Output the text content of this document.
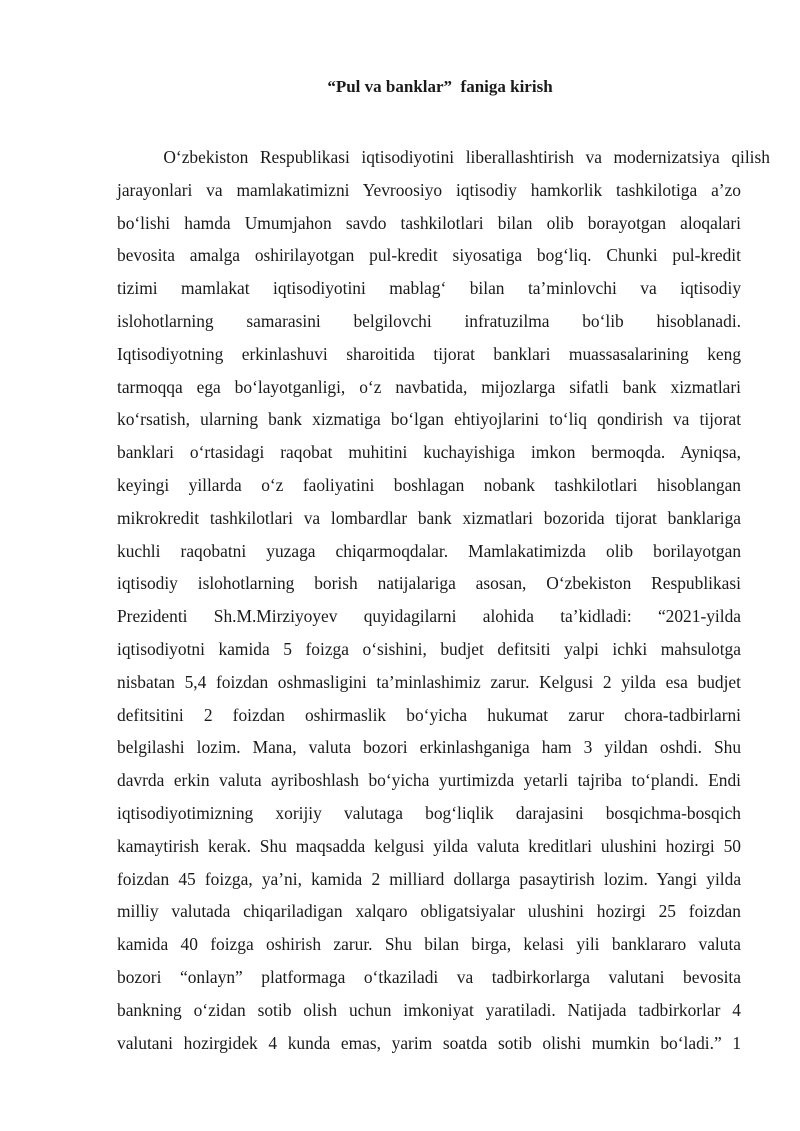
“Pul va banklar”  faniga kirish
O‘zbekiston Respublikasi iqtisodiyotini liberallashtirish va modernizatsiya qilish
jarayonlari va mamlakatimizni Yevroosiyo iqtisodiy hamkorlik tashkilotiga a’zo
bo‘lishi hamda Umumjahon savdo tashkilotlari bilan olib borayotgan aloqalari
bevosita amalga oshirilayotgan pul-kredit siyosatiga bog‘liq. Chunki pul-kredit
tizimi mamlakat iqtisodiyotini mablag‘ bilan ta’minlovchi va iqtisodiy
islohotlarning samarasini belgilovchi infratuzilma bo‘lib hisoblanadi.
Iqtisodiyotning erkinlashuvi sharoitida tijorat banklari muassasalarining keng
tarmoqqa ega bo‘layotganligi, o‘z navbatida, mijozlarga sifatli bank xizmatlari
ko‘rsatish, ularning bank xizmatiga bo‘lgan ehtiyojlarini to‘liq qondirish va tijorat
banklari o‘rtasidagi raqobat muhitini kuchayishiga imkon bermoqda. Ayniqsa,
keyingi yillarda o‘z faoliyatini boshlagan nobank tashkilotlari hisoblangan
mikrokredit tashkilotlari va lombardlar bank xizmatlari bozorida tijorat banklariga
kuchli raqobatni yuzaga chiqarmoqdalar. Mamlakatimizda olib borilayotgan
iqtisodiy islohotlarning borish natijalariga asosan, O‘zbekiston Respublikasi
Prezidenti Sh.M.Mirziyoyev quyidagilarni alohida ta’kidladi: “2021-yilda
iqtisodiyotni kamida 5 foizga o‘sishini, budjet defitsiti yalpi ichki mahsulotga
nisbatan 5,4 foizdan oshmasligini ta’minlashimiz zarur. Kelgusi 2 yilda esa budjet
defitsitini 2 foizdan oshirmaslik bo‘yicha hukumat zarur chora-tadbirlarni
belgilashi lozim. Mana, valuta bozori erkinlashganiga ham 3 yildan oshdi. Shu
davrda erkin valuta ayriboshlash bo‘yicha yurtimizda yetarli tajriba to‘plandi. Endi
iqtisodiyotimizning xorijiy valutaga bog‘liqlik darajasini bosqichma-bosqich
kamaytirish kerak. Shu maqsadda kelgusi yilda valuta kreditlari ulushini hozirgi 50
foizdan 45 foizga, ya’ni, kamida 2 milliard dollarga pasaytirish lozim. Yangi yilda
milliy valutada chiqariladigan xalqaro obligatsiyalar ulushini hozirgi 25 foizdan
kamida 40 foizga oshirish zarur. Shu bilan birga, kelasi yili banklararo valuta
bozori “onlayn” platformaga o‘tkaziladi va tadbirkorlarga valutani bevosita
bankning o‘zidan sotib olish uchun imkoniyat yaratiladi. Natijada tadbirkorlar 4
valutani hozirgidek 4 kunda emas, yarim soatda sotib olishi mumkin bo‘ladi.” 1
